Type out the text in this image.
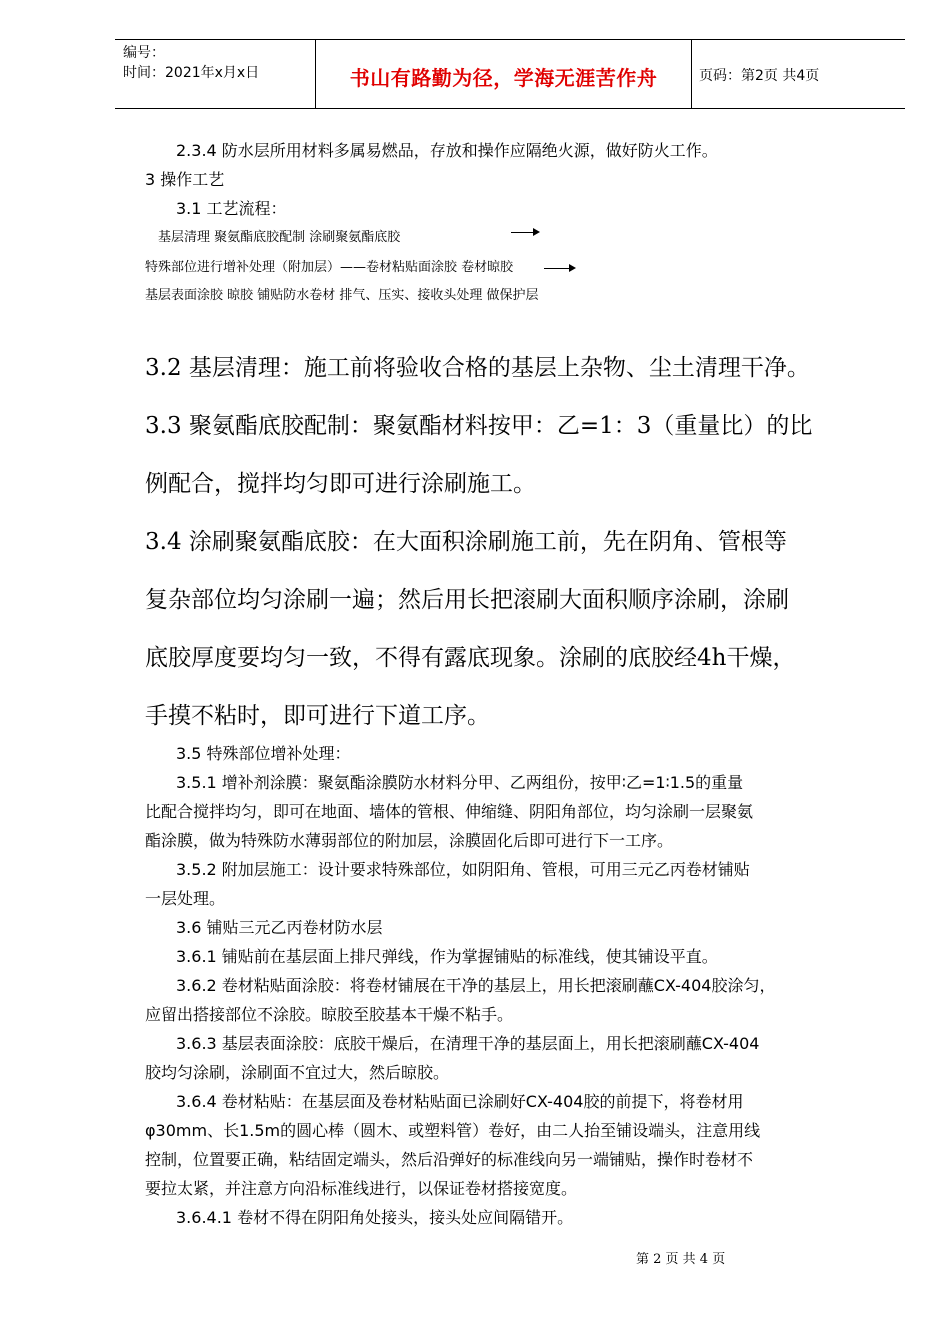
编号：
时间：2021年x月x日	书山有路勤为径，学海无涯苦作舟	页码：第2页 共4页
2.3.4 防水层所用材料多属易燃品，存放和操作应隔绝火源，做好防火工作。
3 操作工艺
3.1 工艺流程：
基层清理 聚氨酯底胶配制 涂刷聚氨酯底胶
特殊部位进行增补处理（附加层）——卷材粘贴面涂胶 卷材晾胶
基层表面涂胶 晾胶 铺贴防水卷材 排气、压实、接收头处理 做保护层
3.2 基层清理：施工前将验收合格的基层上杂物、尘土清理干净。
3.3 聚氨酯底胶配制：聚氨酯材料按甲：乙=1：3（重量比）的比
例配合，搅拌均匀即可进行涂刷施工。
3.4 涂刷聚氨酯底胶：在大面积涂刷施工前，先在阴角、管根等
复杂部位均匀涂刷一遍；然后用长把滚刷大面积顺序涂刷，涂刷
底胶厚度要均匀一致，不得有露底现象。涂刷的底胶经4h干燥，
手摸不粘时，即可进行下道工序。
3.5 特殊部位增补处理：
3.5.1 增补剂涂膜：聚氨酯涂膜防水材料分甲、乙两组份，按甲∶乙=1∶1.5的重量
比配合搅拌均匀，即可在地面、墙体的管根、伸缩缝、阴阳角部位，均匀涂刷一层聚氨
酯涂膜，做为特殊防水薄弱部位的附加层，涂膜固化后即可进行下一工序。
3.5.2 附加层施工：设计要求特殊部位，如阴阳角、管根，可用三元乙丙卷材铺贴
一层处理。
3.6 铺贴三元乙丙卷材防水层
3.6.1 铺贴前在基层面上排尺弹线，作为掌握铺贴的标准线，使其铺设平直。
3.6.2 卷材粘贴面涂胶：将卷材铺展在干净的基层上，用长把滚刷蘸CX-404胶涂匀，
应留出搭接部位不涂胶。晾胶至胶基本干燥不粘手。
3.6.3 基层表面涂胶：底胶干燥后，在清理干净的基层面上，用长把滚刷蘸CX-404
胶均匀涂刷，涂刷面不宜过大，然后晾胶。
3.6.4 卷材粘贴：在基层面及卷材粘贴面已涂刷好CX-404胶的前提下，将卷材用
φ30mm、长1.5m的圆心棒（圆木、或塑料管）卷好，由二人抬至铺设端头，注意用线
控制，位置要正确，粘结固定端头，然后沿弹好的标准线向另一端铺贴，操作时卷材不
要拉太紧，并注意方向沿标准线进行，以保证卷材搭接宽度。
3.6.4.1 卷材不得在阴阳角处接头，接头处应间隔错开。
第 2 页 共 4 页
